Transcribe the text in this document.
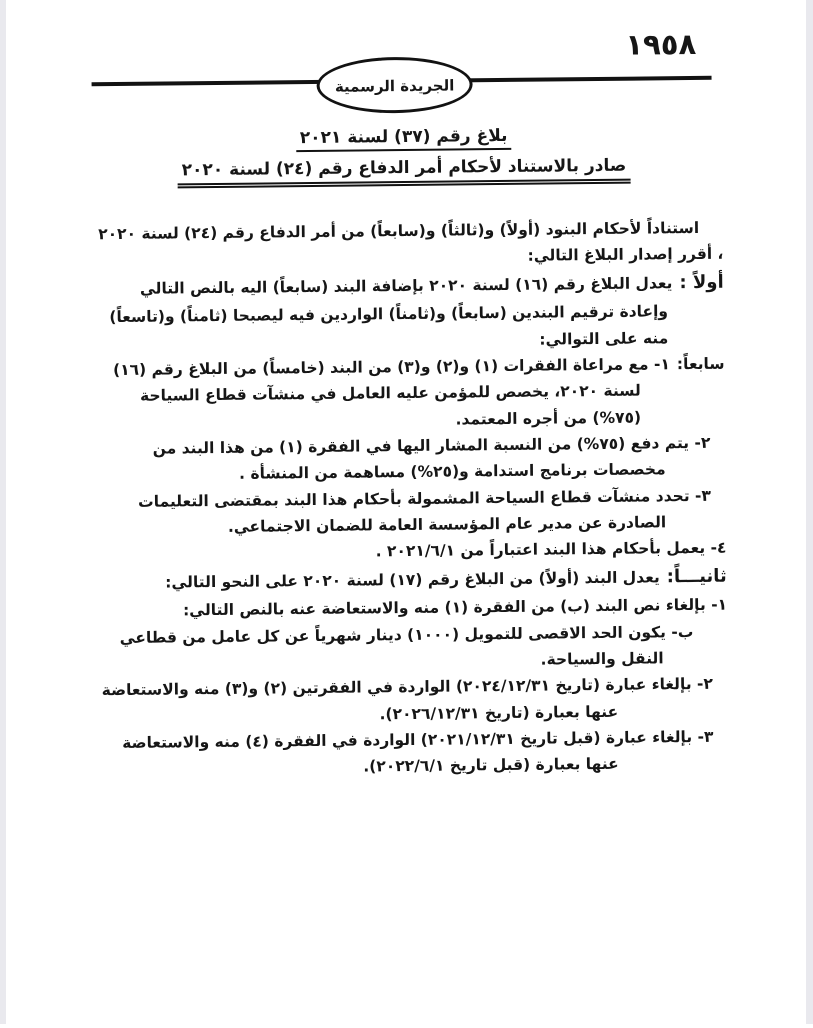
١٩٥٨
الجريدة الرسمية
بلاغ رقم (٣٧) لسنة ٢٠٢١
صادر بالاستناد لأحكام أمر الدفاع رقم (٢٤) لسنة ٢٠٢٠

استناداً لأحكام البنود (أولاً) و(ثالثاً) و(سابعاً) من أمر الدفاع رقم (٢٤) لسنة ٢٠٢٠ ، أقرر إصدار البلاغ التالي:

أولاً :يعدل البلاغ رقم (١٦) لسنة ٢٠٢٠ بإضافة البند (سابعاً) اليه بالنص التالي وإعادة ترقيم البندين (سابعاً) و(ثامناً) الواردين فيه ليصبحا (ثامناً) و(تاسعاً) منه على التوالي:

سابعاً:١- مع مراعاة الفقرات (١) و(٢) و(٣) من البند (خامساً) من البلاغ رقم (١٦) لسنة ٢٠٢٠، يخصص للمؤمن عليه العامل في منشآت قطاع السياحة (٧٥%) من أجره المعتمد.

٢- يتم دفع (٧٥%) من النسبة المشار اليها في الفقرة (١) من هذا البند من مخصصات برنامج استدامة و(٢٥%) مساهمة من المنشأة .

٣- تحدد منشآت قطاع السياحة المشمولة بأحكام هذا البند بمقتضى التعليمات الصادرة عن مدير عام المؤسسة العامة للضمان الاجتماعي.

٤- يعمل بأحكام هذا البند اعتباراً من ٢٠٢١/٦/١ .

ثانيـــاً:يعدل البند (أولاً) من البلاغ رقم (١٧) لسنة ٢٠٢٠ على النحو التالي:

١- بإلغاء نص البند (ب) من الفقرة (١) منه والاستعاضة عنه بالنص التالي:

ب- يكون الحد الاقصى للتمويل (١٠٠٠) دينار شهرياً عن كل عامل من قطاعي النقل والسياحة.

٢- بإلغاء عبارة (تاريخ ٢٠٢٤/١٢/٣١) الواردة في الفقرتين (٢) و(٣) منه والاستعاضة عنها بعبارة (تاريخ ٢٠٢٦/١٢/٣١).

٣- بإلغاء عبارة (قبل تاريخ ٢٠٢١/١٢/٣١) الواردة في الفقرة (٤) منه والاستعاضة عنها بعبارة (قبل تاريخ ٢٠٢٢/٦/١).
